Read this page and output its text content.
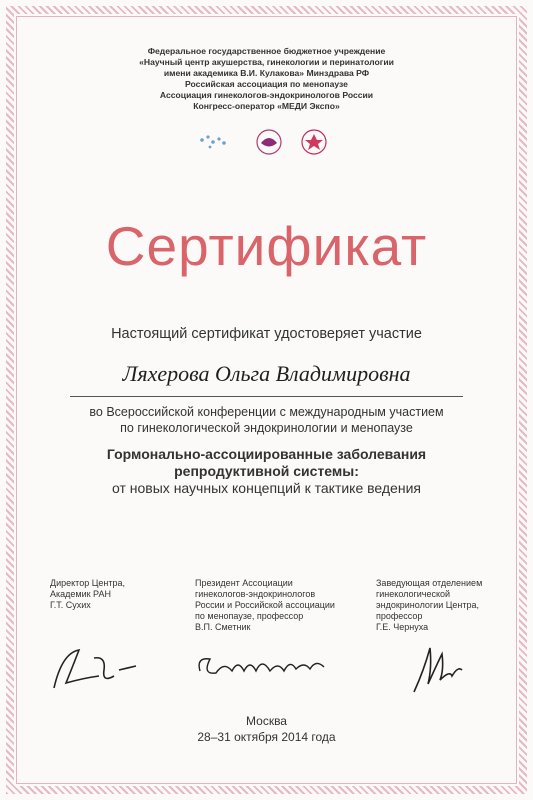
Федеральное государственное бюджетное учреждение
«Научный центр акушерства, гинекологии и перинатологии
имени академика В.И. Кулакова» Минздрава РФ
Российская ассоциация по менопаузе
Ассоциация гинекологов-эндокринологов России
Конгресс-оператор «МЕДИ Экспо»
Сертификат
Настоящий сертификат удостоверяет участие
Ляхерова Ольга Владимировна
во Всероссийской конференции с международным участием
по гинекологической эндокринологии и менопаузе
Гормонально-ассоциированные заболевания
репродуктивной системы:
от новых научных концепций к тактике ведения
Директор Центра,
Академик РАН
Г.Т. Сухих
Президент Ассоциации
гинекологов-эндокринологов
России и Российской ассоциации
по менопаузе, профессор
В.П. Сметник
Заведующая отделением
гинекологической
эндокринологии Центра,
профессор
Г.Е. Чернуха
Москва
28–31 октября 2014 года
